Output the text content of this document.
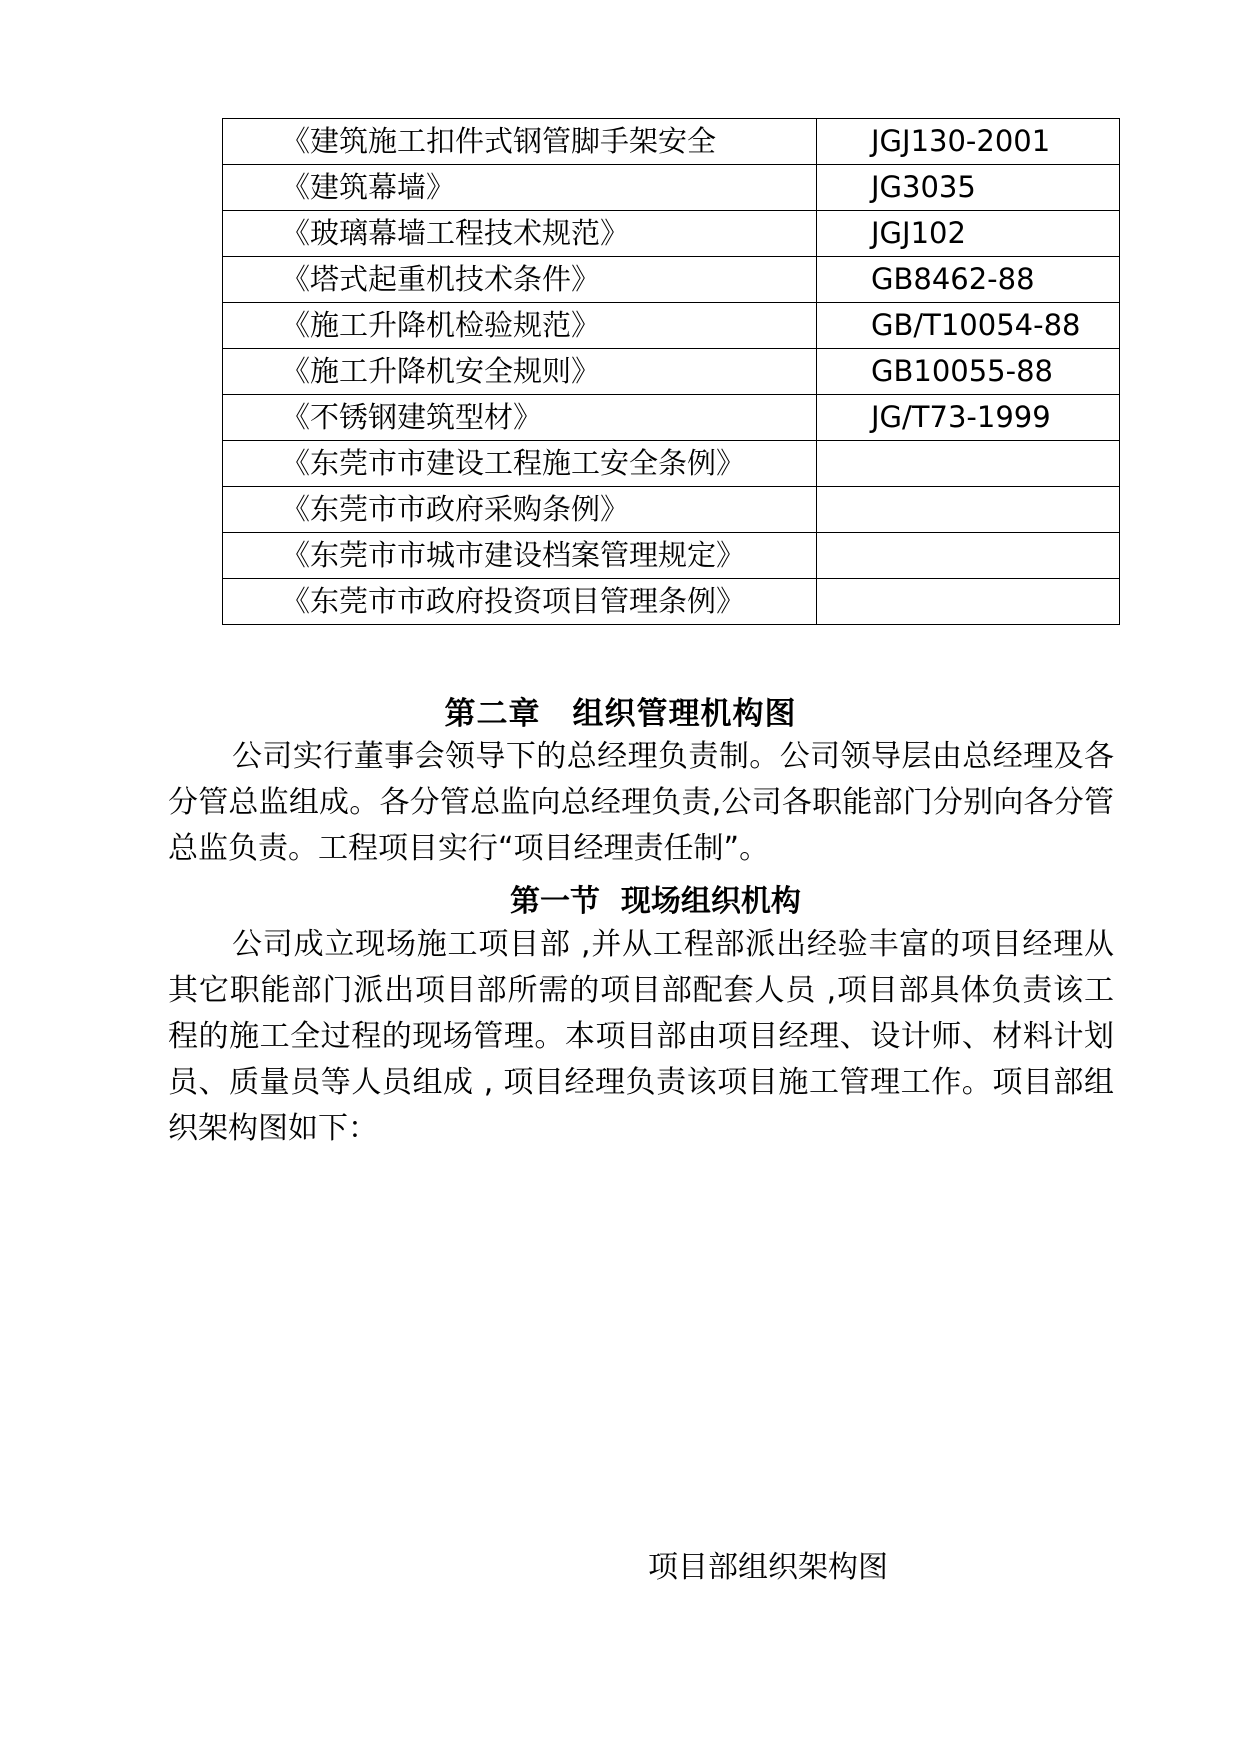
《建筑施工扣件式钢管脚手架安全	JGJ130-2001
《建筑幕墙》	JG3035
《玻璃幕墙工程技术规范》	JGJ102
《塔式起重机技术条件》	GB8462-88
《施工升降机检验规范》	GB/T10054-88
《施工升降机安全规则》	GB10055-88
《不锈钢建筑型材》	JG/T73-1999
《东莞市市建设工程施工安全条例》	
《东莞市市政府采购条例》	
《东莞市市城市建设档案管理规定》	
《东莞市市政府投资项目管理条例》	
第二章　组织管理机构图

公司实行董事会领导下的总经理负责制。公司领导层由总经理及各分管总监组成。各分管总监向总经理负责,公司各职能部门分别向各分管总监负责。工程项目实行“项目经理责任制”。

第一节  现场组织机构

公司成立现场施工项目部 ,并从工程部派出经验丰富的项目经理从其它职能部门派出项目部所需的项目部配套人员 ,项目部具体负责该工程的施工全过程的现场管理。本项目部由项目经理、设计师、材料计划员、质量员等人员组成 , 项目经理负责该项目施工管理工作。项目部组织架构图如下：

项目部组织架构图
